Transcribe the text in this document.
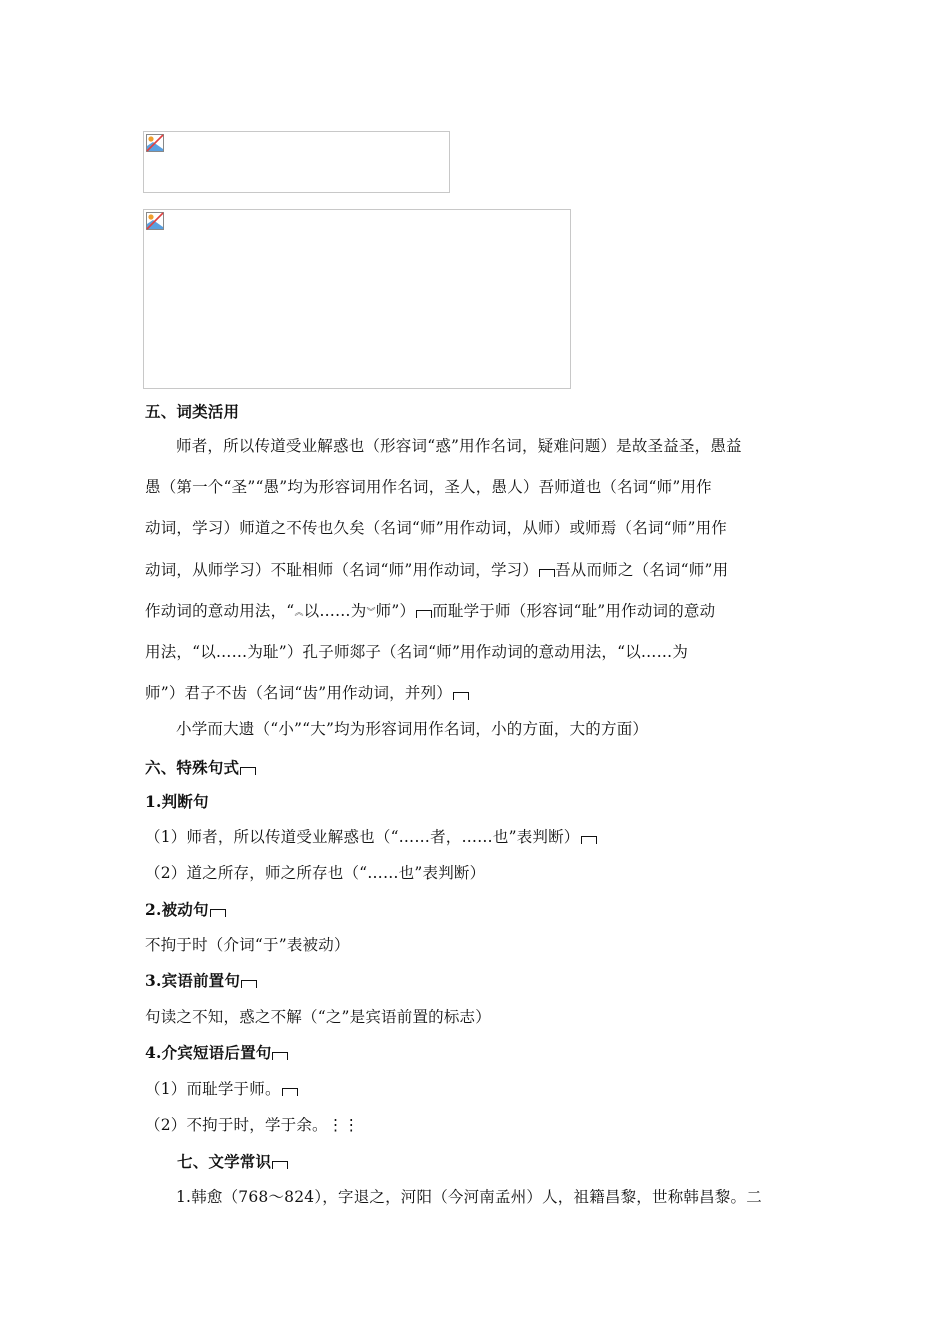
五、词类活用
师者，所以传道受业解惑也（形容词“惑”用作名词，疑难问题）是故圣益圣，愚益
愚（第一个“圣”“愚”均为形容词用作名词，圣人，愚人）吾师道也（名词“师”用作
动词，学习）师道之不传也久矣（名词“师”用作动词，从师）或师焉（名词“师”用作
动词，从师学习）不耻相师（名词“师”用作动词，学习） 吾从而师之（名词“师”用
作动词的意动用法，“︽以……为︾师”） 而耻学于师（形容词“耻”用作动词的意动
用法，“以……为耻”）孔子师郯子（名词“师”用作动词的意动用法，“以……为
师”）君子不齿（名词“齿”用作动词，并列）
小学而大遗（“小”“大”均为形容词用作名词，小的方面，大的方面）
六、特殊句式
1.判断句
（1）师者，所以传道受业解惑也（“……者，……也”表判断）
（2）道之所存，师之所存也（“……也”表判断）
2.被动句
不拘于时（介词“于”表被动）
3.宾语前置句
句读之不知，惑之不解（“之”是宾语前置的标志）
4.介宾短语后置句
（1）而耻学于师。
（2）不拘于时，学于余。⋮⋮
七、文学常识
1.韩愈（768～824），字退之，河阳（今河南孟州）人，祖籍昌黎，世称韩昌黎。二
